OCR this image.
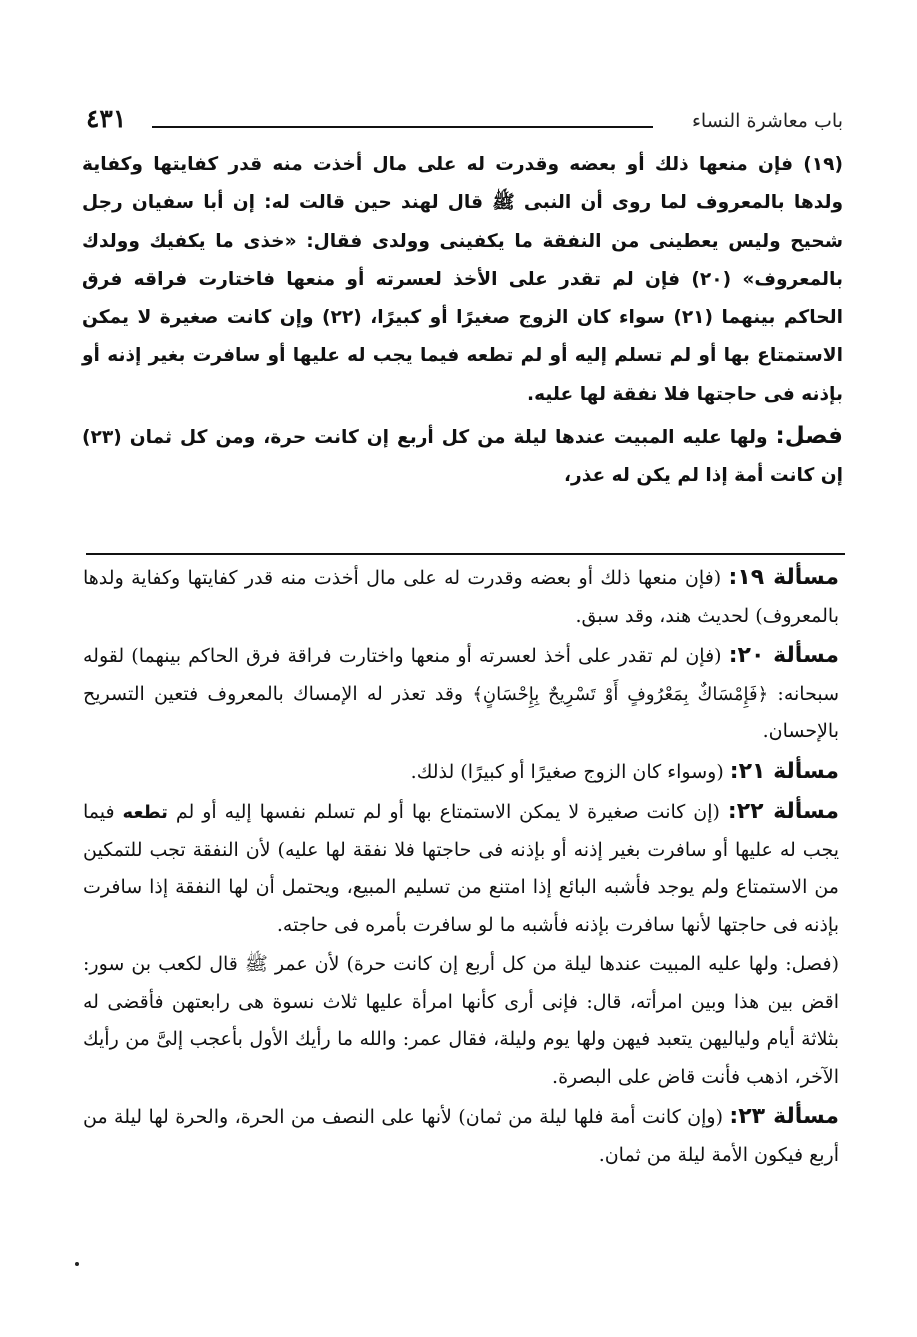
باب معاشرة النساء
٤٣١

(١٩) فإن منعها ذلك أو بعضه وقدرت له على مال أخذت منه قدر كفايتها وكفاية ولدها بالمعروف لما روى أن النبى ﷺ قال لهند حين قالت له: إن أبا سفيان رجل شحيح وليس يعطينى من النفقة ما يكفينى وولدى فقال: «خذى ما يكفيك وولدك بالمعروف» (٢٠) فإن لم تقدر على الأخذ لعسرته أو منعها فاختارت فراقه فرق الحاكم بينهما (٢١) سواء كان الزوج صغيرًا أو كبيرًا، (٢٢) وإن كانت صغيرة لا يمكن الاستمتاع بها أو لم تسلم إليه أو لم تطعه فيما يجب له عليها أو سافرت بغير إذنه أو بإذنه فى حاجتها فلا نفقة لها عليه.

فصل: ولها عليه المبيت عندها ليلة من كل أربع إن كانت حرة، ومن كل ثمان (٢٣) إن كانت أمة إذا لم يكن له عذر،

مسألة ١٩: (فإن منعها ذلك أو بعضه وقدرت له على مال أخذت منه قدر كفايتها وكفاية ولدها بالمعروف) لحديث هند، وقد سبق.

مسألة ٢٠: (فإن لم تقدر على أخذ لعسرته أو منعها واختارت فراقة فرق الحاكم بينهما) لقوله سبحانه: ﴿فَإِمْسَاكٌ بِمَعْرُوفٍ أَوْ تَسْرِيحٌ بِإِحْسَانٍ﴾ وقد تعذر له الإمساك بالمعروف فتعين التسريح بالإحسان.

مسألة ٢١: (وسواء كان الزوج صغيرًا أو كبيرًا) لذلك.

مسألة ٢٢: (إن كانت صغيرة لا يمكن الاستمتاع بها أو لم تسلم نفسها إليه أو لم تطعه فيما يجب له عليها أو سافرت بغير إذنه أو بإذنه فى حاجتها فلا نفقة لها عليه) لأن النفقة تجب للتمكين من الاستمتاع ولم يوجد فأشبه البائع إذا امتنع من تسليم المبيع، ويحتمل أن لها النفقة إذا سافرت بإذنه فى حاجتها لأنها سافرت بإذنه فأشبه ما لو سافرت بأمره فى حاجته.

(فصل: ولها عليه المبيت عندها ليلة من كل أربع إن كانت حرة) لأن عمر ﷺ قال لكعب بن سور: اقض بين هذا وبين امرأته، قال: فإنى أرى كأنها امرأة عليها ثلاث نسوة هى رابعتهن فأقضى له بثلاثة أيام ولياليهن يتعبد فيهن ولها يوم وليلة، فقال عمر: والله ما رأيك الأول بأعجب إلىَّ من رأيك الآخر، اذهب فأنت قاض على البصرة.

مسألة ٢٣: (وإن كانت أمة فلها ليلة من ثمان) لأنها على النصف من الحرة، والحرة لها ليلة من أربع فيكون الأمة ليلة من ثمان.
